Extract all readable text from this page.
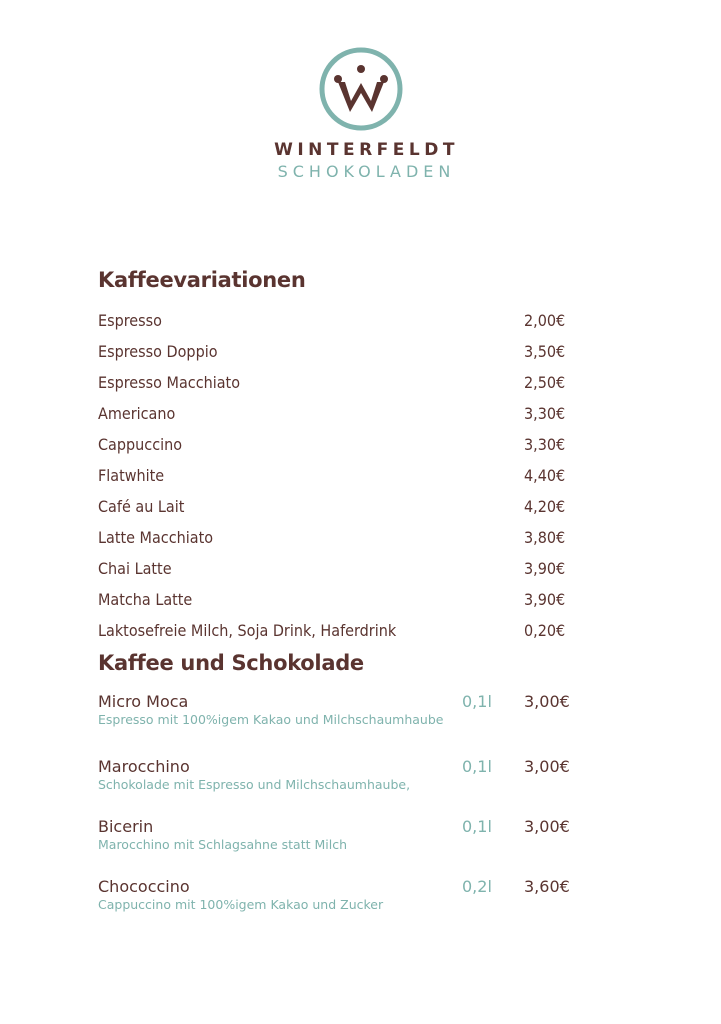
WINTERFELDT
SCHOKOLADEN
Kaffeevariationen
Espresso	2,00€
Espresso Doppio	3,50€
Espresso Macchiato	2,50€
Americano	3,30€
Cappuccino	3,30€
Flatwhite	4,40€
Café au Lait	4,20€
Latte Macchiato	3,80€
Chai Latte	3,90€
Matcha Latte	3,90€
Laktosefreie Milch, Soja Drink, Haferdrink	0,20€
Kaffee und Schokolade
Micro Moca	0,1l 3,00€
Espresso mit 100%igem Kakao und Milchschaumhaube
Marocchino	0,1l 3,00€
Schokolade mit Espresso und Milchschaumhaube,
Bicerin	0,1l 3,00€
Marocchino mit Schlagsahne statt Milch
Chococcino	0,2l 3,60€
Cappuccino mit 100%igem Kakao und Zucker
